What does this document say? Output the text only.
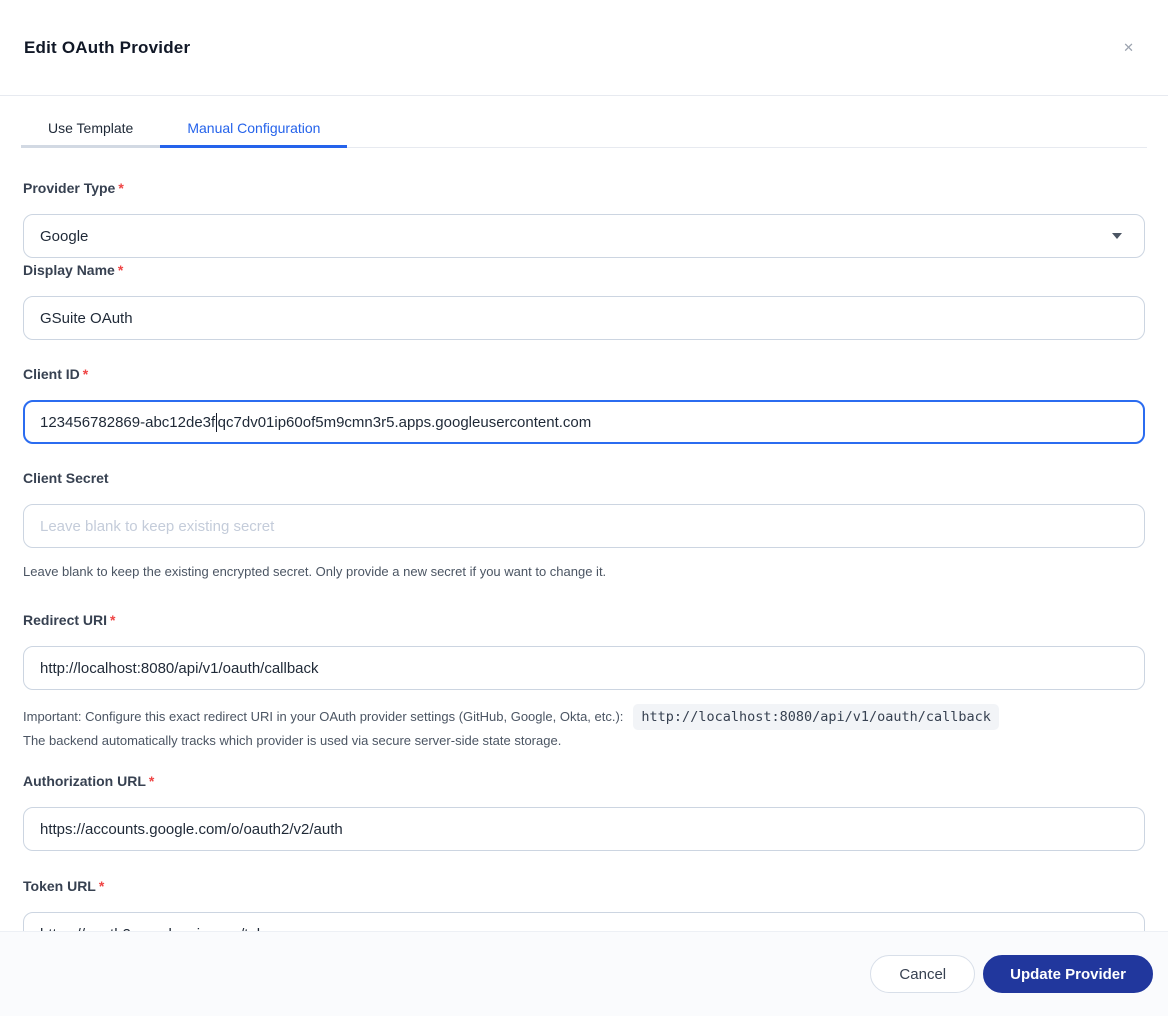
Edit OAuth Provider	✕
Use Template	Manual Configuration
Provider Type *
Google
Display Name *
GSuite OAuth
Client ID *
123456782869-abc12de3f qc7dv01ip60of5m9cmn3r5.apps.googleusercontent.com
Client Secret
Leave blank to keep existing secret
Leave blank to keep the existing encrypted secret. Only provide a new secret if you want to change it.
Redirect URI *
http://localhost:8080/api/v1/oauth/callback
Important: Configure this exact redirect URI in your OAuth provider settings (GitHub, Google, Okta, etc.):	http://localhost:8080/api/v1/oauth/callback
The backend automatically tracks which provider is used via secure server-side state storage.
Authorization URL *
https://accounts.google.com/o/oauth2/v2/auth
Token URL *
https://oauth2.googleapis.com/token
Cancel	Update Provider
